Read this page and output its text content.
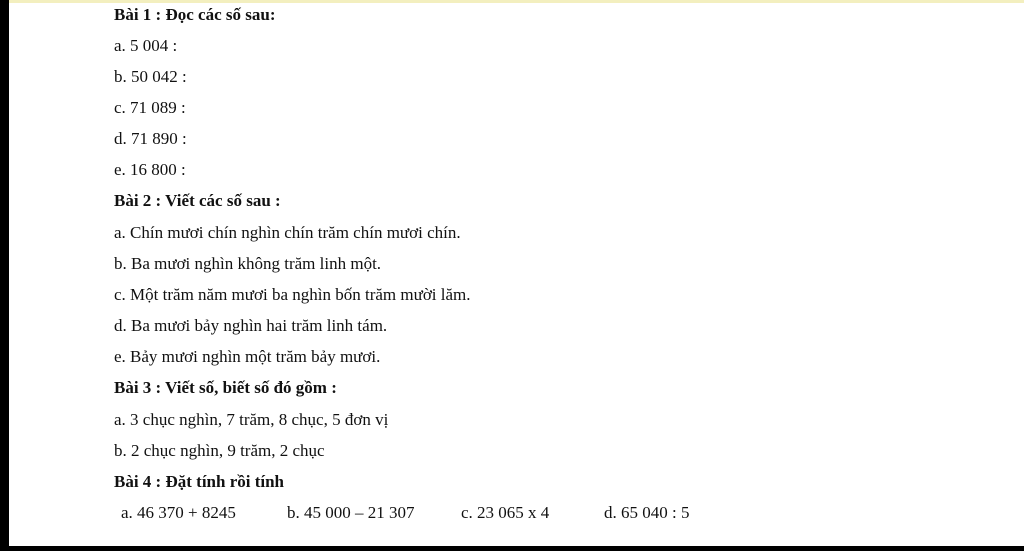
Bài 1 : Đọc các số sau:
a. 5 004 :
b. 50 042 :
c. 71 089 :
d. 71 890 :
e. 16 800 :
Bài 2 : Viết các số sau :
a. Chín mươi chín nghìn chín trăm chín mươi chín.
b. Ba mươi nghìn không trăm linh một.
c. Một trăm năm mươi ba nghìn bốn trăm mười lăm.
d. Ba mươi bảy nghìn hai trăm linh tám.
e. Bảy mươi nghìn một trăm bảy mươi.
Bài 3 : Viết số, biết số đó gồm :
a. 3 chục nghìn, 7 trăm, 8 chục, 5 đơn vị
b. 2 chục nghìn, 9 trăm, 2 chục
Bài 4 : Đặt tính rồi tính
a. 46 370 + 8245	b. 45 000 – 21 307	c. 23 065 x 4	d. 65 040 : 5
